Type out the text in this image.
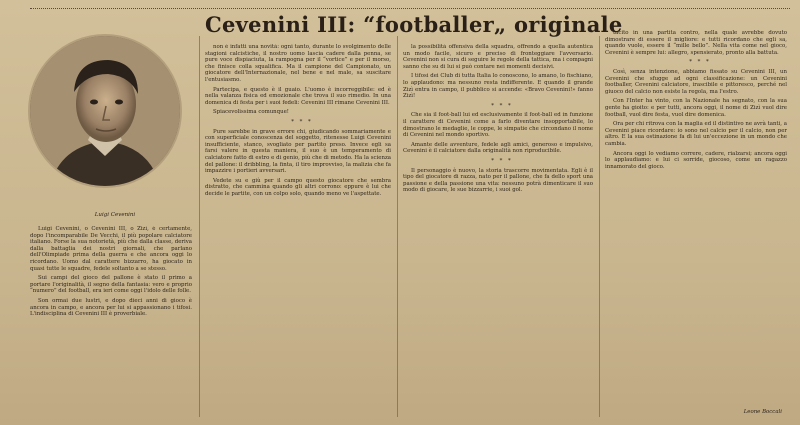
Cevenini III: “footballer„ originale
Luigi Cevenini

Luigi Cevenini, o Cevenini III, o Zizì, è certamente, dopo l'incomparabile De Vecchi, il più popolare calciatore italiano. Forse la sua notorietà, più che dalla classe, deriva dalla battaglia dei nostri giornali, che parlano dell'Olimpiade prima della guerra e che ancora oggi lo ricordano. Uomo dal carattere bizzarro, ha giocato in quasi tutte le squadre, fedele soltanto a se stesso.

Sui campi del gioco del pallone è stato il primo a portare l'originalità, il segno della fantasia: vero e proprio “numero” del football, era ieri come oggi l'idolo delle folle.

Son ormai due lustri, e dopo dieci anni di gioco è ancora in campo, e ancora per lui si appassionano i tifosi. L'indisciplina di Cevenini III è proverbiale.

non è infatti una novità: ogni tanto, durante lo svolgimento delle stagioni calcistiche, il nostro uomo lascia cadere dalla penna, se pure voce dispiaciuta, la rampogna per il “vortice” e per il morso, che finisce colla squalifica. Ma il campione del Campionato, un giocatore dell'Internazionale, nel bene e nel male, sa suscitare l'entusiasmo.

Partecipa, e questo è il guaio. L'uomo è incorreggibile: ed è nella valanza fisica ed emozionale che trova il suo rimedio. In una domenica di festa per i suoi fedeli: Cevenini III rimane Cevenini III.

Spiacevolissima comunque!

* * *

Pure sarebbe in grave errore chi, giudicando sommariamente e con superficiale conoscenza del soggetto, ritenesse Luigi Cevenini insufficiente, stanco, svogliato per partito preso. Invece egli sa farsi valere in questa maniera, il suo è un temperamento di calciatore fatto di estro e di genio, più che di metodo. Ha la scienza del pallone: il dribbling, la finta, il tiro improvviso, la malizia che fa impazzire i portieri avversari.

Vedete su e giù per il campo questo giocatore che sembra distratto, che cammina quando gli altri corrono: eppure è lui che decide le partite, con un colpo solo, quando meno ve l'aspettate.

la possibilità offensiva della squadra, offrendo a quella autentica un modo facile, sicuro e preciso di fronteggiare l'avversario. Cevenini non si cura di seguire le regole della tattica, ma i compagni sanno che su di lui si può contare nei momenti decisivi.

I tifosi dei Club di tutta Italia lo conoscono, lo amano, lo fischiano, lo applaudono: ma nessuno resta indifferente. E quando il grande Zizì entra in campo, il pubblico si accende: «Bravo Cevenini!» fanno Zizì!

* * *

Che sia il foot-ball lui ed esclusivamente il foot-ball ed in funzione il carattere di Cevenini come a farlo diventare insopportabile, lo dimostrano le medaglie, le coppe, le simpatie che circondano il nome di Cevenini nel mondo sportivo.

Amante delle avventure, fedele agli amici, generoso e impulsivo, Cevenini è il calciatore dalla originalità non riproducibile.

* * *

Il personaggio è nuovo, la storia trascorre movimentata. Egli è il tipo del giocatore di razza, nato per il pallone, che fa dello sport una passione e della passione una vita: nessuno potrà dimenticare il suo modo di giocare, le sue bizzarrie, i suoi gol.

tacito in una partita contro, nella quale avrebbe dovuto dimostrare di essere il migliore: e tutti ricordano che egli sa, quando vuole, essere il “mille bello”. Nella vita come nel gioco, Cevenini è sempre lui: allegro, spensierato, pronto alla battuta.

* * *

Così, senza intenzione, abbiamo fissato su Cevenini III, un Cevenini che sfugge ad ogni classificazione: un Cevenini footballer, Cevenini calciatore, irascibile e pittoresco, perché nel giuoco del calcio non esiste la regola, ma l'estro.

Con l'Inter ha vinto, con la Nazionale ha segnato, con la sua gente ha gioito: e per tutti, ancora oggi, il nome di Zizì vuol dire football, vuol dire festa, vuol dire domenica.

Ora per chi ritrova con la maglia ed il distintivo ne avrà tanti, a Cevenini piace ricordare: io sono nel calcio per il calcio, non per altro. E la sua ostinazione fa di lui un'eccezione in un mondo che cambia.

Ancora oggi lo vediamo correre, cadere, rialzarsi; ancora oggi lo applaudiamo: e lui ci sorride, giocoso, come un ragazzo innamorato del gioco.

Leone Boccali
